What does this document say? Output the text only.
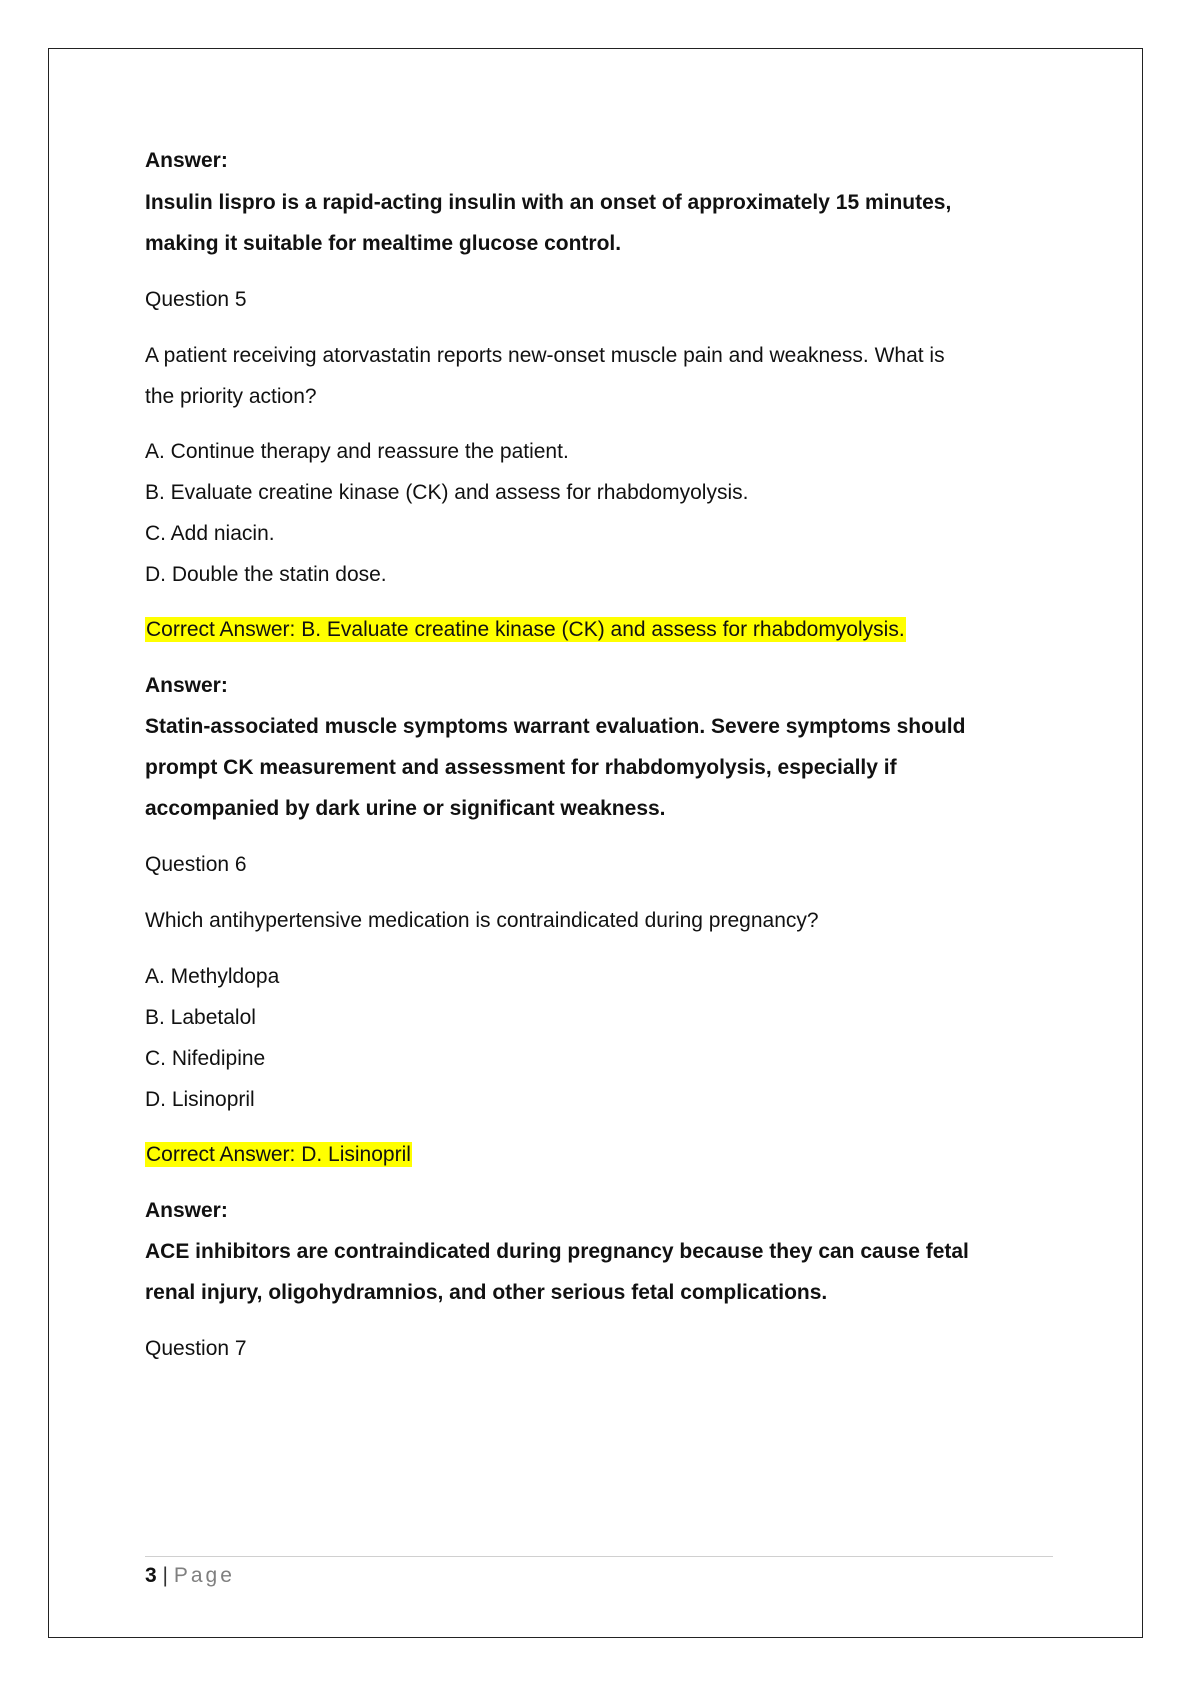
Answer:

Insulin lispro is a rapid-acting insulin with an onset of approximately 15 minutes,

making it suitable for mealtime glucose control.

Question 5

A patient receiving atorvastatin reports new-onset muscle pain and weakness. What is

the priority action?

A. Continue therapy and reassure the patient.

B. Evaluate creatine kinase (CK) and assess for rhabdomyolysis.

C. Add niacin.

D. Double the statin dose.

Correct Answer: B. Evaluate creatine kinase (CK) and assess for rhabdomyolysis.

Answer:

Statin-associated muscle symptoms warrant evaluation. Severe symptoms should

prompt CK measurement and assessment for rhabdomyolysis, especially if

accompanied by dark urine or significant weakness.

Question 6

Which antihypertensive medication is contraindicated during pregnancy?

A. Methyldopa

B. Labetalol

C. Nifedipine

D. Lisinopril

Correct Answer: D. Lisinopril

Answer:

ACE inhibitors are contraindicated during pregnancy because they can cause fetal

renal injury, oligohydramnios, and other serious fetal complications.

Question 7

3 | Page
